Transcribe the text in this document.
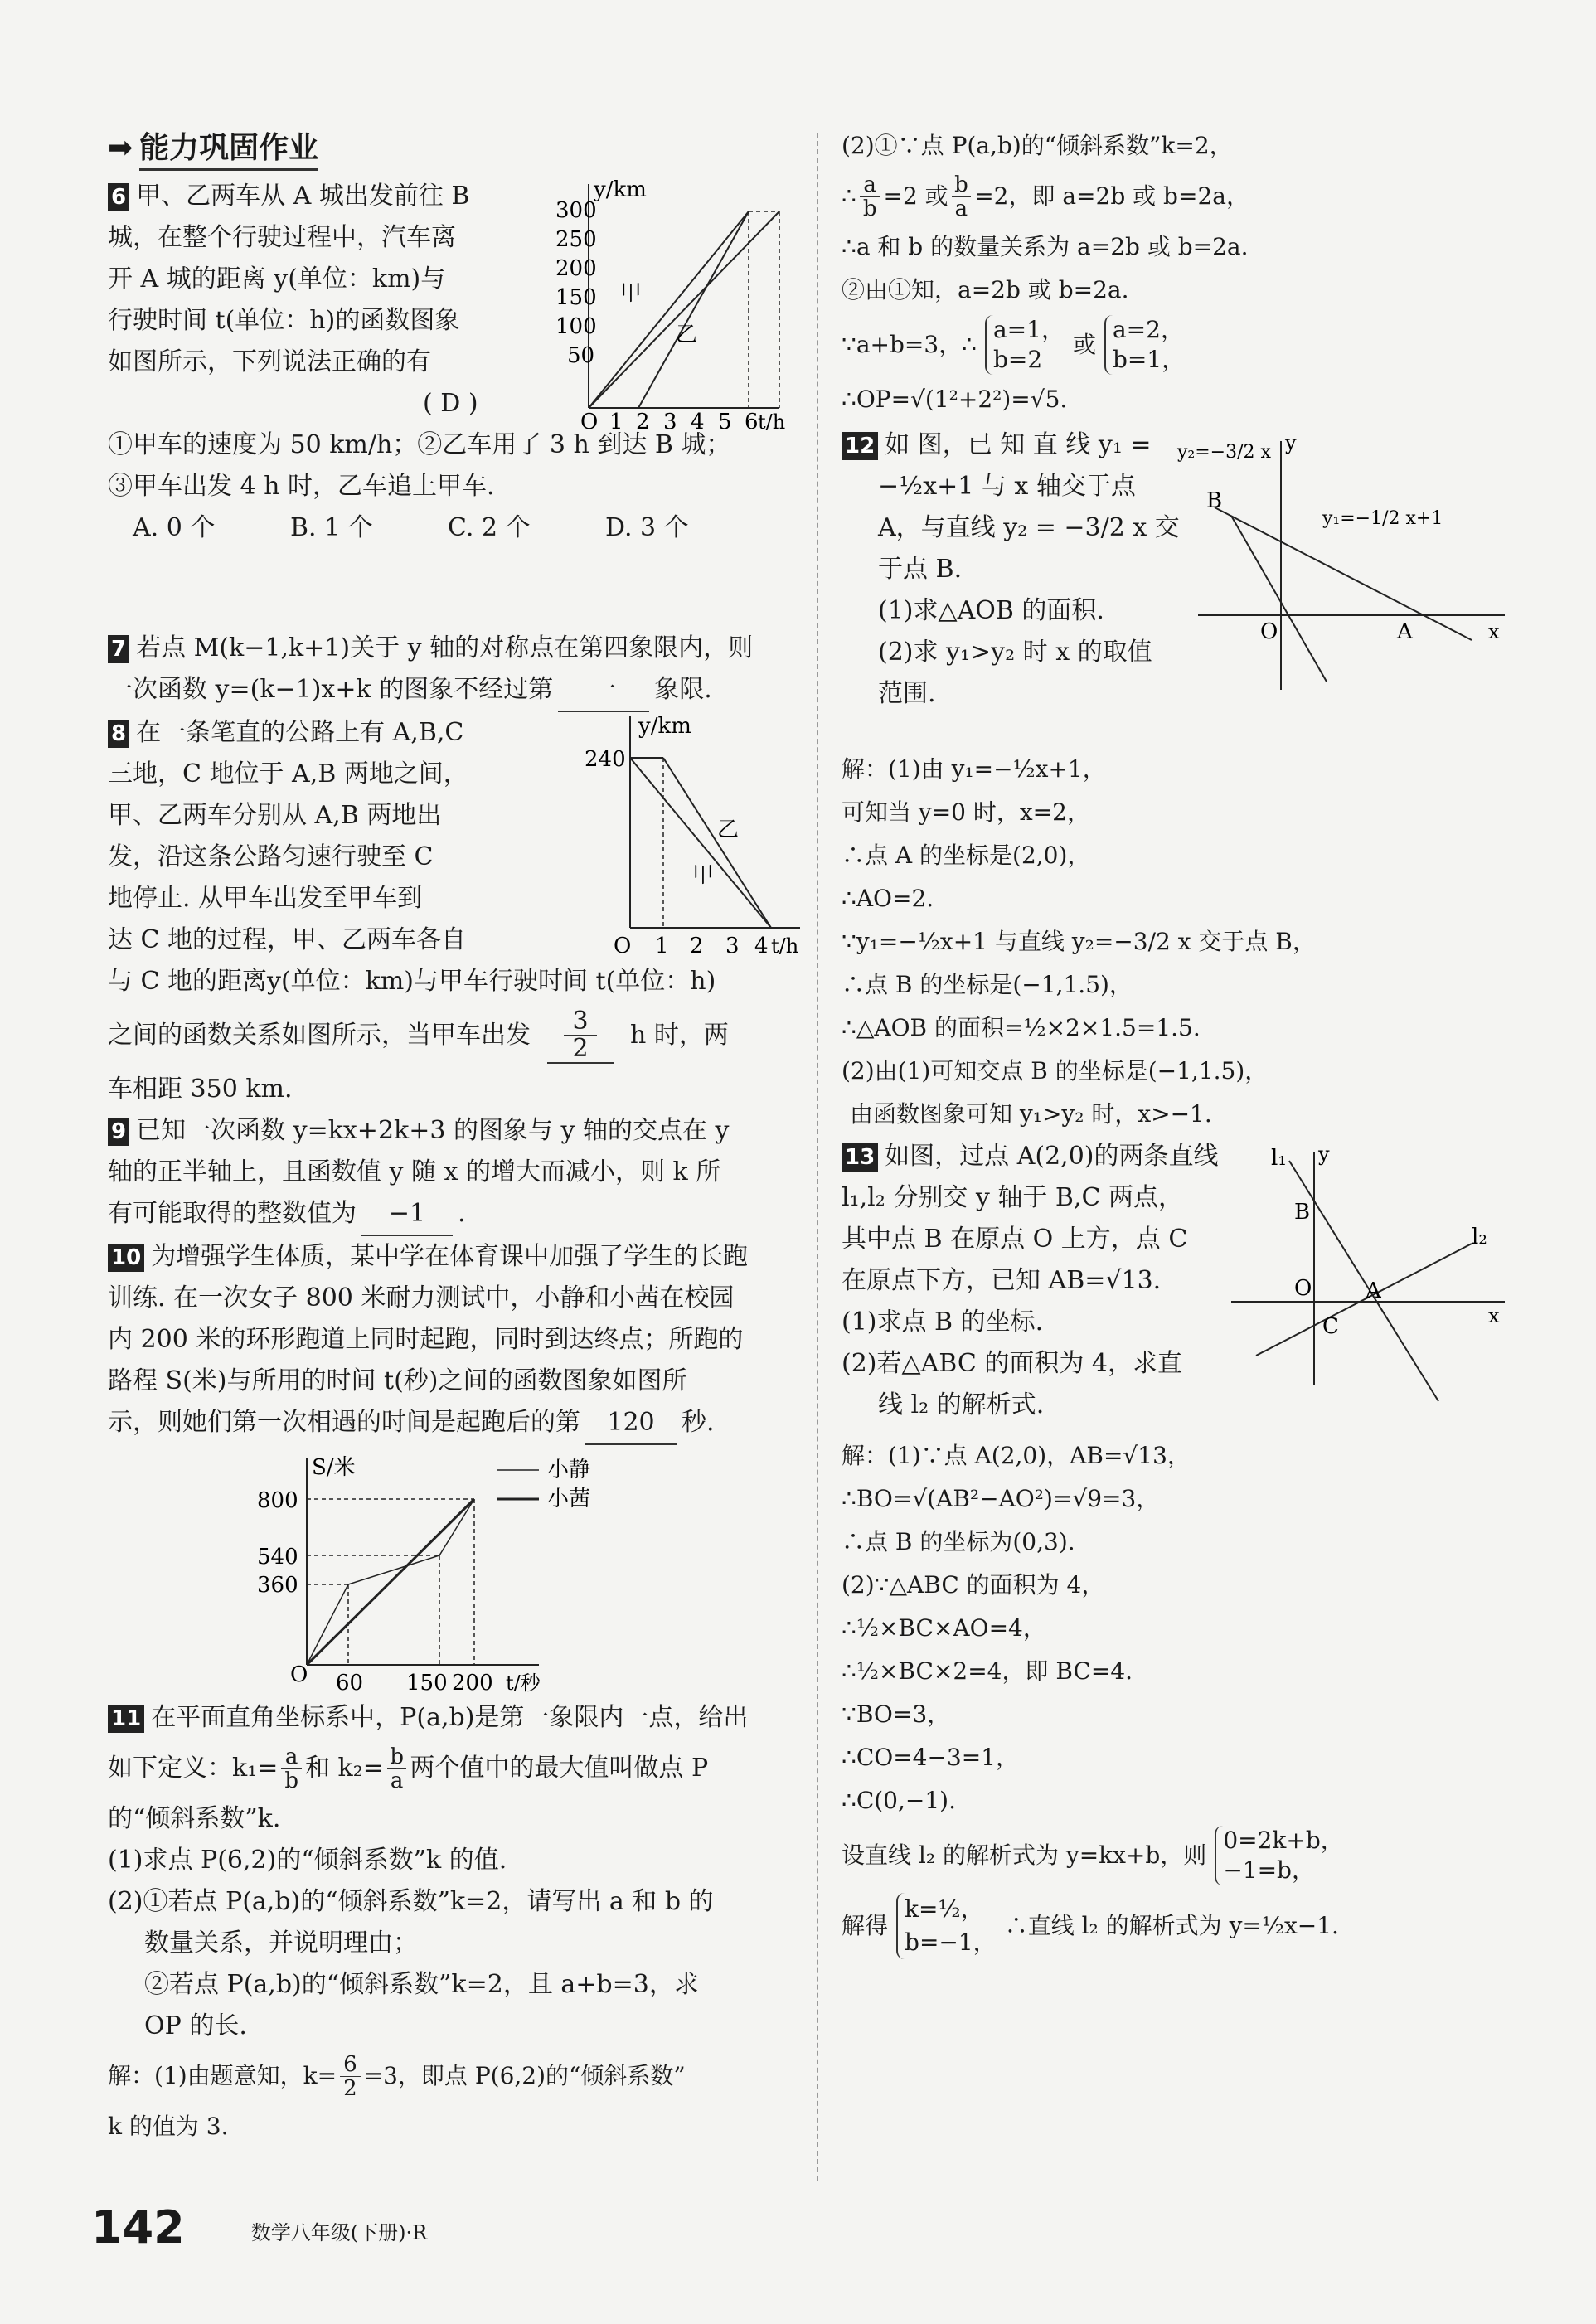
➡ 能力巩固作业
6 甲、乙两车从 A 城出发前往 B
城，在整个行驶过程中，汽车离
开 A 城的距离 y(单位：km)与
行驶时间 t(单位：h)的函数图象
如图所示，下列说法正确的有
( D )
①甲车的速度为 50 km/h；②乙车用了 3 h 到达 B 城；
③甲车出发 4 h 时，乙车追上甲车.
A. 0 个	B. 1 个	C. 2 个	D. 3 个
y/km
300
250
200
150
100
50
甲
乙
O 1 2 3 4 5 6 t/h
7 若点 M(k−1,k+1)关于 y 轴的对称点在第四象限内，则
一次函数 y=(k−1)x+k 的图象不经过第 一 象限.
8 在一条笔直的公路上有 A,B,C
三地，C 地位于 A,B 两地之间，
甲、乙两车分别从 A,B 两地出
发，沿这条公路匀速行驶至 C
地停止. 从甲车出发至甲车到
达 C 地的过程，甲、乙两车各自
y/km
240
乙
甲
O 1 2 3 4 t/h
与 C 地的距离y(单位：km)与甲车行驶时间 t(单位：h)
之间的函数关系如图所示，当甲车出发 $\frac{3}{2}$ h 时，两
车相距 350 km.
9 已知一次函数 y=kx+2k+3 的图象与 y 轴的交点在 y
轴的正半轴上，且函数值 y 随 x 的增大而减小，则 k 所
有可能取得的整数值为 −1 .
10 为增强学生体质，某中学在体育课中加强了学生的长跑
训练. 在一次女子 800 米耐力测试中，小静和小茜在校园
内 200 米的环形跑道上同时起跑，同时到达终点；所跑的
路程 S(米)与所用的时间 t(秒)之间的函数图象如图所
示，则她们第一次相遇的时间是起跑后的第 120 秒.
S/米
800
540
360
小静
小茜
O 60 150 200 t/秒
11 在平面直角坐标系中，P(a,b)是第一象限内一点，给出
如下定义：$k_1= \frac{a}{b}$ 和 $k_2= \frac{b}{a}$ 两个值中的最大值叫做点 P
的“倾斜系数”k.
(1)求点 P(6,2)的“倾斜系数”k 的值.
(2)①若点 P(a,b)的“倾斜系数”k=2，请写出 a 和 b 的
数量关系，并说明理由；
②若点 P(a,b)的“倾斜系数”k=2，且 a+b=3，求
OP 的长.
解：(1)由题意知，$k= \frac{6}{2} =3$，即点 P(6,2)的“倾斜系数”
k 的值为 3.
(2)①∵点 P(a,b)的“倾斜系数”k=2，
∴ $\frac{a}{b} =2$ 或 $\frac{b}{a} =2$，即 a=2b 或 b=2a，
∴a 和 b 的数量关系为 a=2b 或 b=2a.
②由①知，a=2b 或 b=2a.
∵a+b=3，∴
a=1，
b=2
或
a=2，
b=1，
∴OP=√(1²+2²)=√5.
12 如 图，已 知 直 线 y₁ =
−½x+1 与 x 轴交于点
A，与直线 y₂ = −3/2 x 交
于点 B.
(1)求△AOB 的面积.
(2)求 y₁>y₂ 时 x 的取值
范围.
y₂=−3/2 x
y₁=−1/2 x+1
y
B
O	A	x
解：(1)由 y₁=−½x+1，
可知当 y=0 时，x=2，
∴点 A 的坐标是(2,0)，
∴AO=2.
∵y₁=−½x+1 与直线 y₂=−3/2 x 交于点 B，
∴点 B 的坐标是(−1,1.5)，
∴△AOB 的面积=½×2×1.5=1.5.
(2)由(1)可知交点 B 的坐标是(−1,1.5)，
由函数图象可知 y₁>y₂ 时，x>−1.
13 如图，过点 A(2,0)的两条直线
l₁,l₂ 分别交 y 轴于 B,C 两点，
其中点 B 在原点 O 上方，点 C
在原点下方，已知 AB=√13.
(1)求点 B 的坐标.
(2)若△ABC 的面积为 4，求直
线 l₂ 的解析式.
l₁
l₂
y
B
O A
C	x
解：(1)∵点 A(2,0)，AB=√13，
∴BO=√(AB²−AO²)=√9=3，
∴点 B 的坐标为(0,3).
(2)∵△ABC 的面积为 4，
∴½×BC×AO=4，
∴½×BC×2=4，即 BC=4.
∵BO=3，
∴CO=4−3=1，
∴C(0,−1).
设直线 l₂ 的解析式为 y=kx+b，则
0=2k+b，
−1=b，
解得
k=½，
b=−1，
∴直线 l₂ 的解析式为 y=½x−1.
142	数学八年级(下册)·R
